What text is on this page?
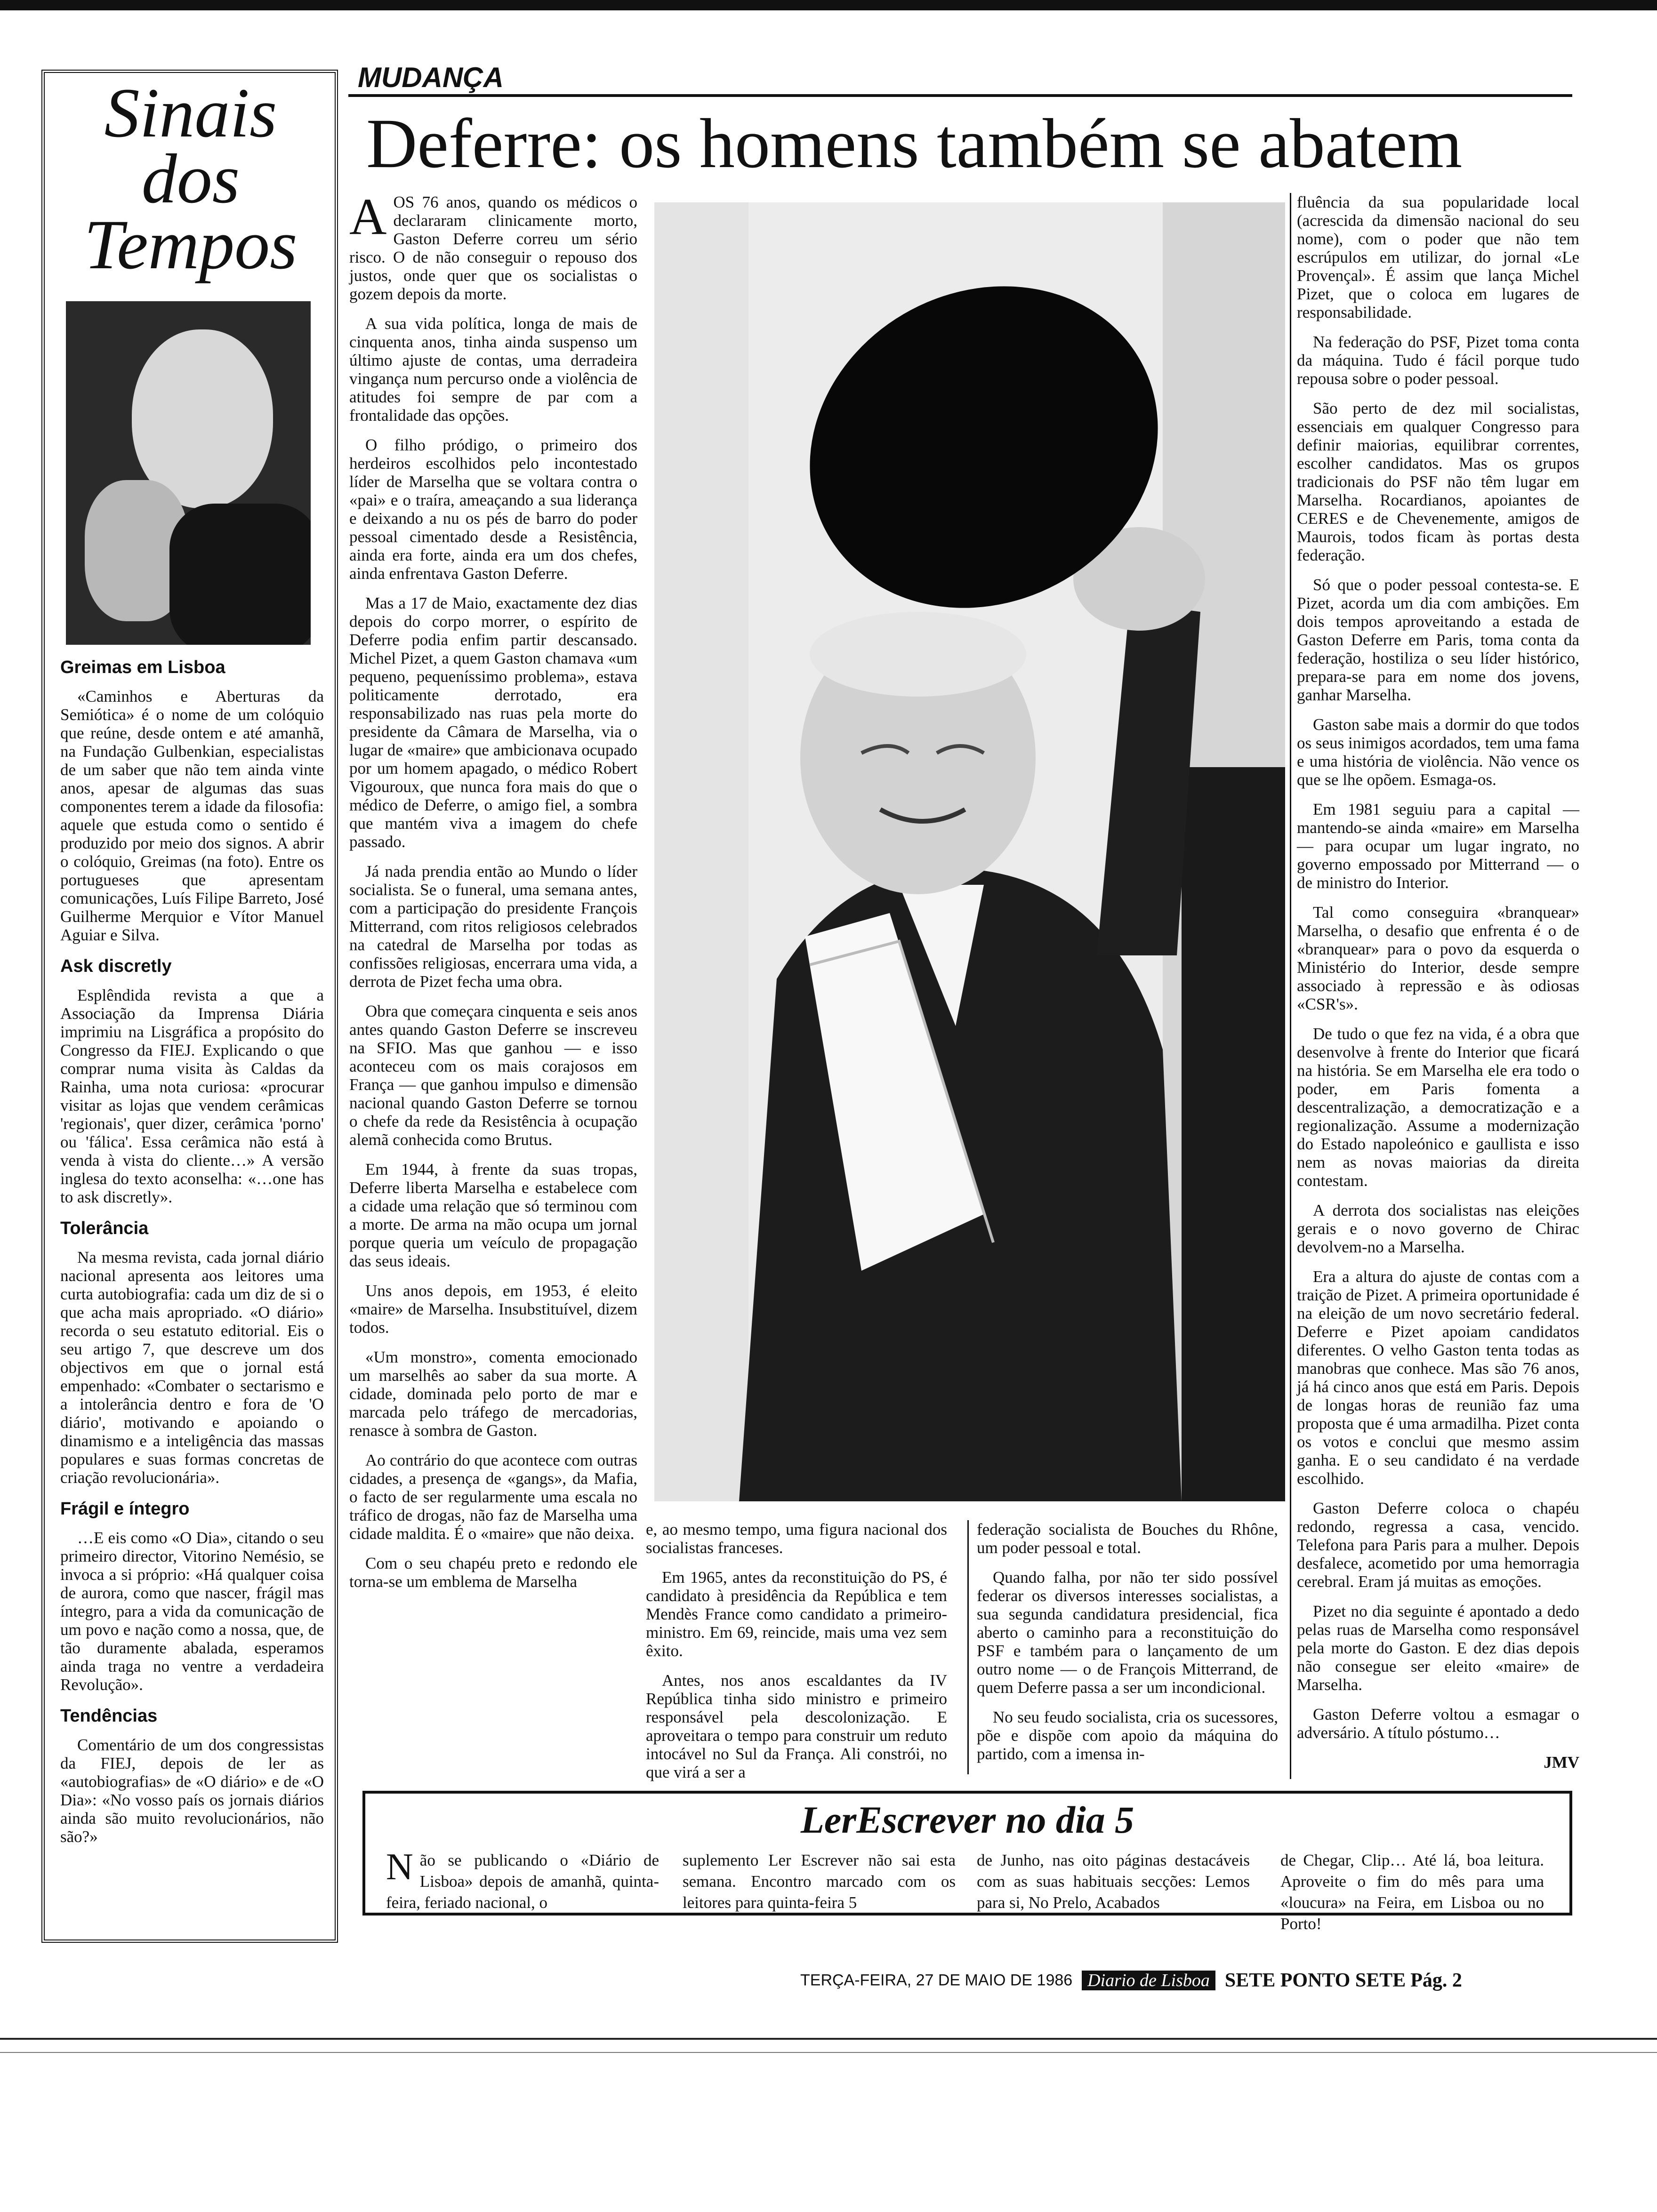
Sinais
dos
Tempos
Greimas em Lisboa

«Caminhos e Aberturas da Semiótica» é o nome de um colóquio que reúne, desde ontem e até amanhã, na Fundação Gulbenkian, especialistas de um saber que não tem ainda vinte anos, apesar de algumas das suas componentes terem a idade da filosofia: aquele que estuda como o sentido é produzido por meio dos signos. A abrir o colóquio, Greimas (na foto). Entre os portugueses que apresentam comunicações, Luís Filipe Barreto, José Guilherme Merquior e Vítor Manuel Aguiar e Silva.

Ask discretly

Esplêndida revista a que a Associação da Imprensa Diária imprimiu na Lisgráfica a propósito do Congresso da FIEJ. Explicando o que comprar numa visita às Caldas da Rainha, uma nota curiosa: «procurar visitar as lojas que vendem cerâmicas 'regionais', quer dizer, cerâmica 'porno' ou 'fálica'. Essa cerâmica não está à venda à vista do cliente…» A versão inglesa do texto aconselha: «…one has to ask discretly».

Tolerância

Na mesma revista, cada jornal diário nacional apresenta aos leitores uma curta autobiografia: cada um diz de si o que acha mais apropriado. «O diário» recorda o seu estatuto editorial. Eis o seu artigo 7, que descreve um dos objectivos em que o jornal está empenhado: «Combater o sectarismo e a intolerância dentro e fora de 'O diário', motivando e apoiando o dinamismo e a inteligência das massas populares e suas formas concretas de criação revolucionária».

Frágil e íntegro

…E eis como «O Dia», citando o seu primeiro director, Vitorino Nemésio, se invoca a si próprio: «Há qualquer coisa de aurora, como que nascer, frágil mas íntegro, para a vida da comunicação de um povo e nação como a nossa, que, de tão duramente abalada, esperamos ainda traga no ventre a verdadeira Revolução».

Tendências

Comentário de um dos congressistas da FIEJ, depois de ler as «autobiografias» de «O diário» e de «O Dia»: «No vosso país os jornais diários ainda são muito revolucionários, não são?»

MUDANÇA
Deferre: os homens também se abatem

AOS 76 anos, quando os médicos o declararam clinicamente morto, Gaston Deferre correu um sério risco. O de não conseguir o repouso dos justos, onde quer que os socialistas o gozem depois da morte.

A sua vida política, longa de mais de cinquenta anos, tinha ainda suspenso um último ajuste de contas, uma derradeira vingança num percurso onde a violência de atitudes foi sempre de par com a frontalidade das opções.

O filho pródigo, o primeiro dos herdeiros escolhidos pelo incontestado líder de Marselha que se voltara contra o «pai» e o traíra, ameaçando a sua liderança e deixando a nu os pés de barro do poder pessoal cimentado desde a Resistência, ainda era forte, ainda era um dos chefes, ainda enfrentava Gaston Deferre.

Mas a 17 de Maio, exactamente dez dias depois do corpo morrer, o espírito de Deferre podia enfim partir descansado. Michel Pizet, a quem Gaston chamava «um pequeno, pequeníssimo problema», estava politicamente derrotado, era responsabilizado nas ruas pela morte do presidente da Câmara de Marselha, via o lugar de «maire» que ambicionava ocupado por um homem apagado, o médico Robert Vigouroux, que nunca fora mais do que o médico de Deferre, o amigo fiel, a sombra que mantém viva a imagem do chefe passado.

Já nada prendia então ao Mundo o líder socialista. Se o funeral, uma semana antes, com a participação do presidente François Mitterrand, com ritos religiosos celebrados na catedral de Marselha por todas as confissões religiosas, encerrara uma vida, a derrota de Pizet fecha uma obra.

Obra que começara cinquenta e seis anos antes quando Gaston Deferre se inscreveu na SFIO. Mas que ganhou — e isso aconteceu com os mais corajosos em França — que ganhou impulso e dimensão nacional quando Gaston Deferre se tornou o chefe da rede da Resistência à ocupação alemã conhecida como Brutus.

Em 1944, à frente da suas tropas, Deferre liberta Marselha e estabelece com a cidade uma relação que só terminou com a morte. De arma na mão ocupa um jornal porque queria um veículo de propagação das seus ideais.

Uns anos depois, em 1953, é eleito «maire» de Marselha. Insubstituível, dizem todos.

«Um monstro», comenta emocionado um marselhês ao saber da sua morte. A cidade, dominada pelo porto de mar e marcada pelo tráfego de mercadorias, renasce à sombra de Gaston.

Ao contrário do que acontece com outras cidades, a presença de «gangs», da Mafia, o facto de ser regularmente uma escala no tráfico de drogas, não faz de Marselha uma cidade maldita. É o «maire» que não deixa.

Com o seu chapéu preto e redondo ele torna-se um emblema de Marselha

e, ao mesmo tempo, uma figura nacional dos socialistas franceses.

Em 1965, antes da reconstituição do PS, é candidato à presidência da República e tem Mendès France como candidato a primeiro-ministro. Em 69, reincide, mais uma vez sem êxito.

Antes, nos anos escaldantes da IV República tinha sido ministro e primeiro responsável pela descolonização. E aproveitara o tempo para construir um reduto intocável no Sul da França. Ali constrói, no que virá a ser a

federação socialista de Bouches du Rhône, um poder pessoal e total.

Quando falha, por não ter sido possível federar os diversos interesses socialistas, a sua segunda candidatura presidencial, fica aberto o caminho para a reconstituição do PSF e também para o lançamento de um outro nome — o de François Mitterrand, de quem Deferre passa a ser um incondicional.

No seu feudo socialista, cria os sucessores, põe e dispõe com apoio da máquina do partido, com a imensa in-

fluência da sua popularidade local (acrescida da dimensão nacional do seu nome), com o poder que não tem escrúpulos em utilizar, do jornal «Le Provençal». É assim que lança Michel Pizet, que o coloca em lugares de responsabilidade.

Na federação do PSF, Pizet toma conta da máquina. Tudo é fácil porque tudo repousa sobre o poder pessoal.

São perto de dez mil socialistas, essenciais em qualquer Congresso para definir maiorias, equilibrar correntes, escolher candidatos. Mas os grupos tradicionais do PSF não têm lugar em Marselha. Rocardianos, apoiantes de CERES e de Chevenemente, amigos de Maurois, todos ficam às portas desta federação.

Só que o poder pessoal contesta-se. E Pizet, acorda um dia com ambições. Em dois tempos aproveitando a estada de Gaston Deferre em Paris, toma conta da federação, hostiliza o seu líder histórico, prepara-se para em nome dos jovens, ganhar Marselha.

Gaston sabe mais a dormir do que todos os seus inimigos acordados, tem uma fama e uma história de violência. Não vence os que se lhe opõem. Esmaga-os.

Em 1981 seguiu para a capital — mantendo-se ainda «maire» em Marselha — para ocupar um lugar ingrato, no governo empossado por Mitterrand — o de ministro do Interior.

Tal como conseguira «branquear» Marselha, o desafio que enfrenta é o de «branquear» para o povo da esquerda o Ministério do Interior, desde sempre associado à repressão e às odiosas «CSR's».

De tudo o que fez na vida, é a obra que desenvolve à frente do Interior que ficará na história. Se em Marselha ele era todo o poder, em Paris fomenta a descentralização, a democratização e a regionalização. Assume a modernização do Estado napoleónico e gaullista e isso nem as novas maiorias da direita contestam.

A derrota dos socialistas nas eleições gerais e o novo governo de Chirac devolvem-no a Marselha.

Era a altura do ajuste de contas com a traição de Pizet. A primeira oportunidade é na eleição de um novo secretário federal. Deferre e Pizet apoiam candidatos diferentes. O velho Gaston tenta todas as manobras que conhece. Mas são 76 anos, já há cinco anos que está em Paris. Depois de longas horas de reunião faz uma proposta que é uma armadilha. Pizet conta os votos e conclui que mesmo assim ganha. E o seu candidato é na verdade escolhido.

Gaston Deferre coloca o chapéu redondo, regressa a casa, vencido. Telefona para Paris para a mulher. Depois desfalece, acometido por uma hemorragia cerebral. Eram já muitas as emoções.

Pizet no dia seguinte é apontado a dedo pelas ruas de Marselha como responsável pela morte do Gaston. E dez dias depois não consegue ser eleito «maire» de Marselha.

Gaston Deferre voltou a esmagar o adversário. A título póstumo…

JMV
LerEscrever no dia 5
Não se publicando o «Diário de Lisboa» depois de amanhã, quinta-feira, feriado nacional, o
suplemento Ler Escrever não sai esta semana. Encontro marcado com os leitores para quinta-feira 5
de Junho, nas oito páginas destacáveis com as suas habituais secções: Lemos para si, No Prelo, Acabados
de Chegar, Clip… Até lá, boa leitura. Aproveite o fim do mês para uma «loucura» na Feira, em Lisboa ou no Porto!
TERÇA-FEIRA, 27 DE MAIO DE 1986 Diario de Lisboa SETE PONTO SETE Pág. 2
